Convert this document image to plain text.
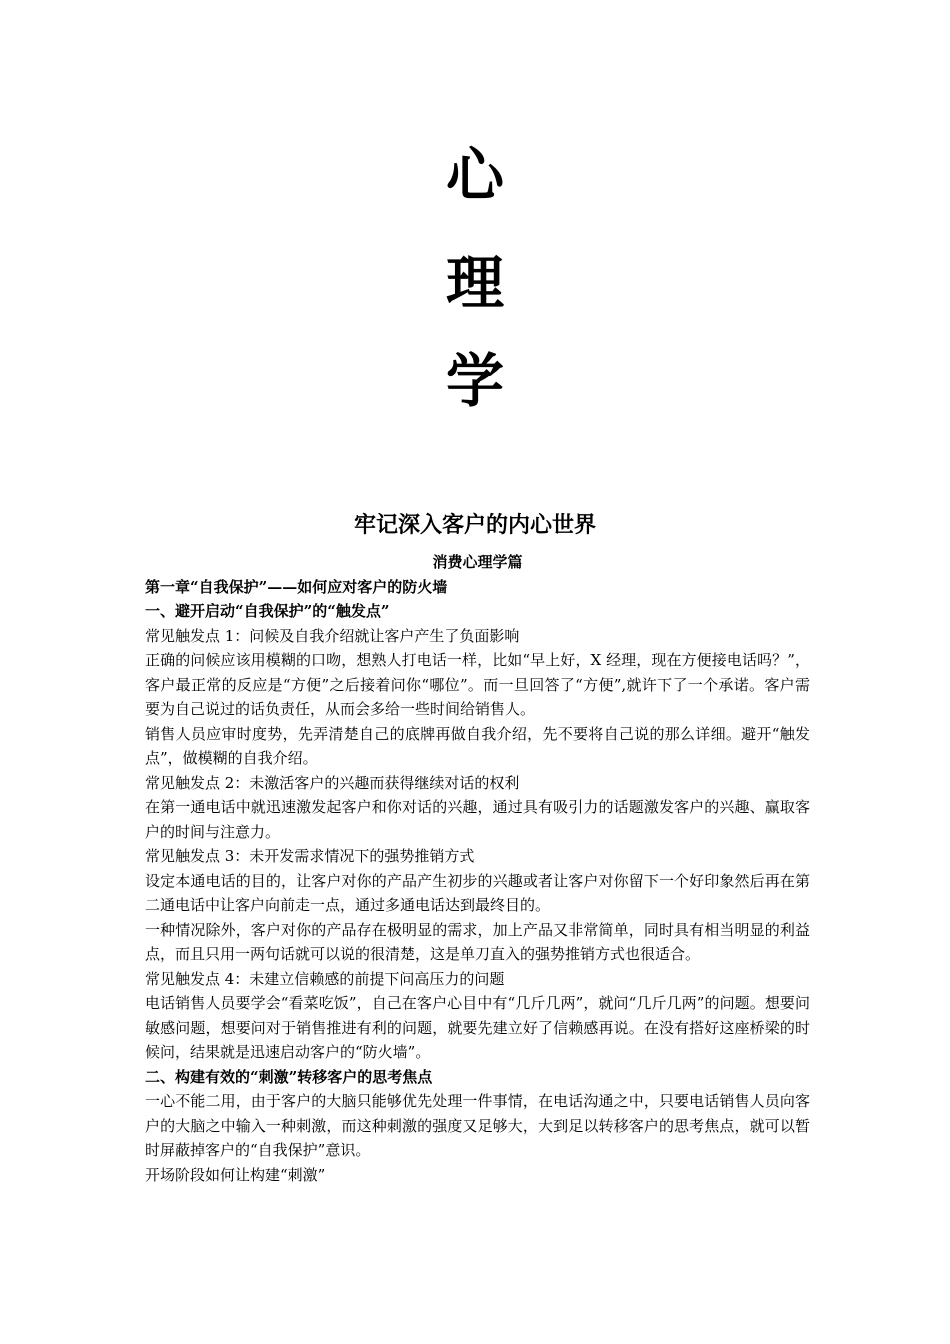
心
理
学
牢记深入客户的内心世界

消费心理学篇

第一章“自我保护”——如何应对客户的防火墙

一、避开启动“自我保护”的“触发点”

常见触发点 1：问候及自我介绍就让客户产生了负面影响

正确的问候应该用模糊的口吻，想熟人打电话一样，比如“早上好，X 经理，现在方便接电话吗？”，客户最正常的反应是“方便”之后接着问你“哪位”。而一旦回答了“方便”,就许下了一个承诺。客户需要为自己说过的话负责任，从而会多给一些时间给销售人。

销售人员应审时度势，先弄清楚自己的底牌再做自我介绍，先不要将自己说的那么详细。避开“触发点”，做模糊的自我介绍。

常见触发点 2：未激活客户的兴趣而获得继续对话的权利

在第一通电话中就迅速激发起客户和你对话的兴趣，通过具有吸引力的话题激发客户的兴趣、赢取客户的时间与注意力。

常见触发点 3：未开发需求情况下的强势推销方式

设定本通电话的目的，让客户对你的产品产生初步的兴趣或者让客户对你留下一个好印象然后再在第二通电话中让客户向前走一点，通过多通电话达到最终目的。

一种情况除外，客户对你的产品存在极明显的需求，加上产品又非常简单，同时具有相当明显的利益点，而且只用一两句话就可以说的很清楚，这是单刀直入的强势推销方式也很适合。

常见触发点 4：未建立信赖感的前提下问高压力的问题

电话销售人员要学会“看菜吃饭”，自己在客户心目中有“几斤几两”，就问“几斤几两”的问题。想要问敏感问题，想要问对于销售推进有利的问题，就要先建立好了信赖感再说。在没有搭好这座桥梁的时候问，结果就是迅速启动客户的“防火墙”。

二、构建有效的“刺激”转移客户的思考焦点

一心不能二用，由于客户的大脑只能够优先处理一件事情，在电话沟通之中，只要电话销售人员向客户的大脑之中输入一种刺激，而这种刺激的强度又足够大，大到足以转移客户的思考焦点，就可以暂时屏蔽掉客户的“自我保护”意识。

开场阶段如何让构建“刺激”
